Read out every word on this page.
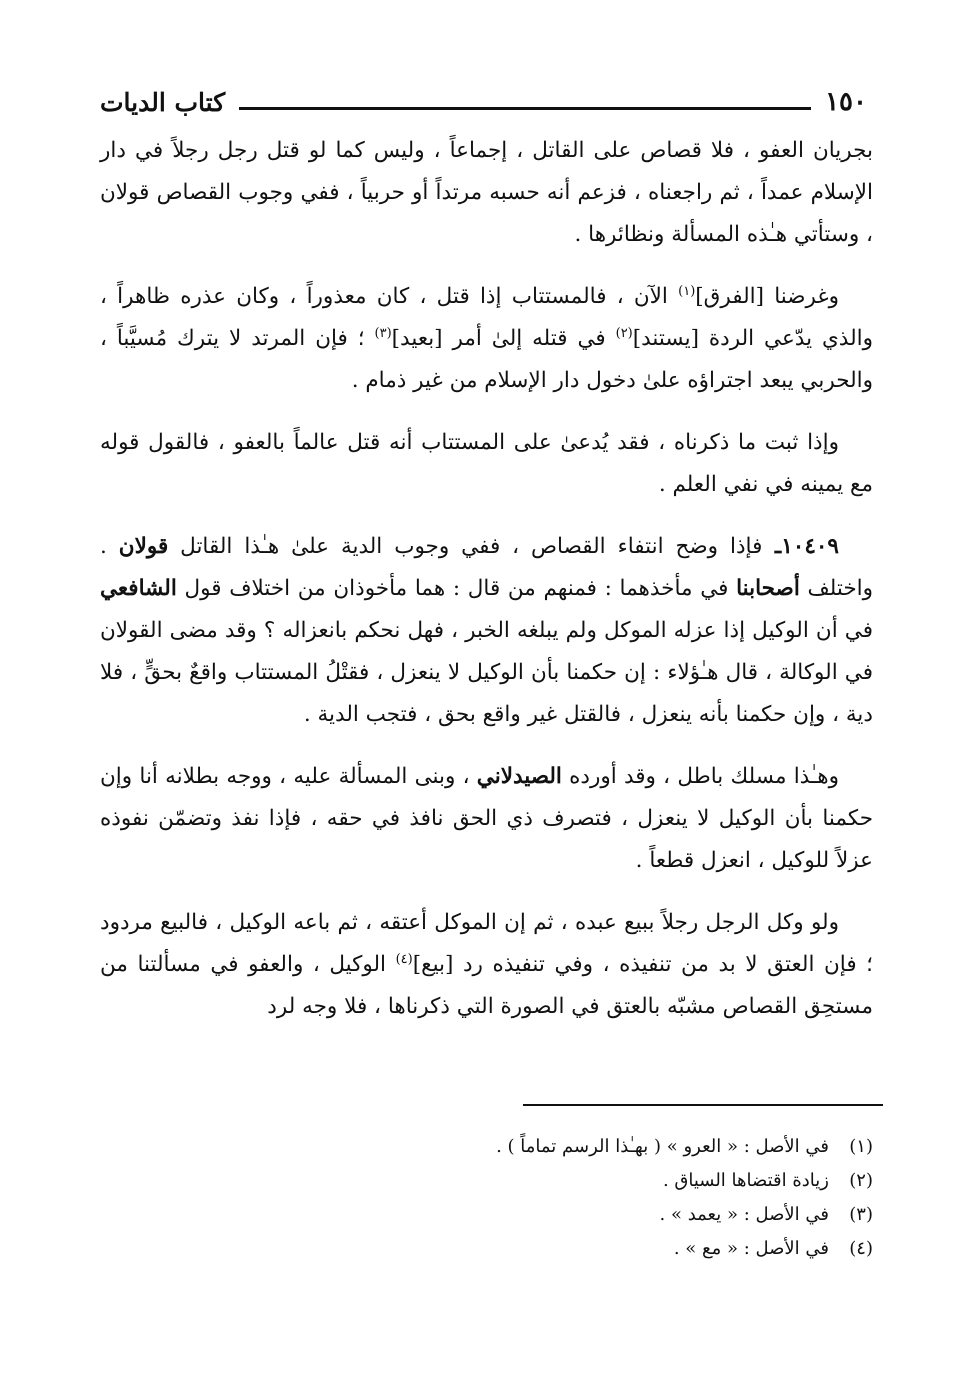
١٥٠
كتاب الديات

بجريان العفو ، فلا قصاص على القاتل ، إجماعاً ، وليس كما لو قتل رجل رجلاً في دار الإسلام عمداً ، ثم راجعناه ، فزعم أنه حسبه مرتداً أو حربياً ، ففي وجوب القصاص قولان ، وستأتي هـٰذه المسألة ونظائرها .

وغرضنا [الفرق]$^{(١)}$ الآن ، فالمستتاب إذا قتل ، كان معذوراً ، وكان عذره ظاهراً ، والذي يدّعي الردة [يستند]$^{(٢)}$ في قتله إلىٰ أمر [بعيد]$^{(٣)}$ ؛ فإن المرتد لا يترك مُسيَّباً ، والحربي يبعد اجتراؤه علىٰ دخول دار الإسلام من غير ذمام .

وإذا ثبت ما ذكرناه ، فقد يُدعىٰ على المستتاب أنه قتل عالماً بالعفو ، فالقول قوله مع يمينه في نفي العلم .

١٠٤٠٩ـ فإذا وضح انتفاء القصاص ، ففي وجوب الدية علىٰ هـٰذا القاتل قولان . واختلف أصحابنا في مأخذهما : فمنهم من قال : هما مأخوذان من اختلاف قول الشافعي في أن الوكيل إذا عزله الموكل ولم يبلغه الخبر ، فهل نحكم بانعزاله ؟ وقد مضى القولان في الوكالة ، قال هـٰؤلاء : إن حكمنا بأن الوكيل لا ينعزل ، فقتْلُ المستتاب واقعٌ بحقٍّ ، فلا دية ، وإن حكمنا بأنه ينعزل ، فالقتل غير واقع بحق ، فتجب الدية .

وهـٰذا مسلك باطل ، وقد أورده الصيدلاني ، وبنى المسألة عليه ، ووجه بطلانه أنا وإن حكمنا بأن الوكيل لا ينعزل ، فتصرف ذي الحق نافذ في حقه ، فإذا نفذ وتضمّن نفوذه عزلاً للوكيل ، انعزل قطعاً .

ولو وكل الرجل رجلاً ببيع عبده ، ثم إن الموكل أعتقه ، ثم باعه الوكيل ، فالبيع مردود ؛ فإن العتق لا بد من تنفيذه ، وفي تنفيذه رد [بيع]$^{(٤)}$ الوكيل ، والعفو في مسألتنا من مستحِق القصاص مشبّه بالعتق في الصورة التي ذكرناها ، فلا وجه لرد

(١)
في الأصل : « العرو » ( بهـٰذا الرسم تماماً ) .
(٢)
زيادة اقتضاها السياق .
(٣)
في الأصل : « يعمد » .
(٤)
في الأصل : « مع » .
